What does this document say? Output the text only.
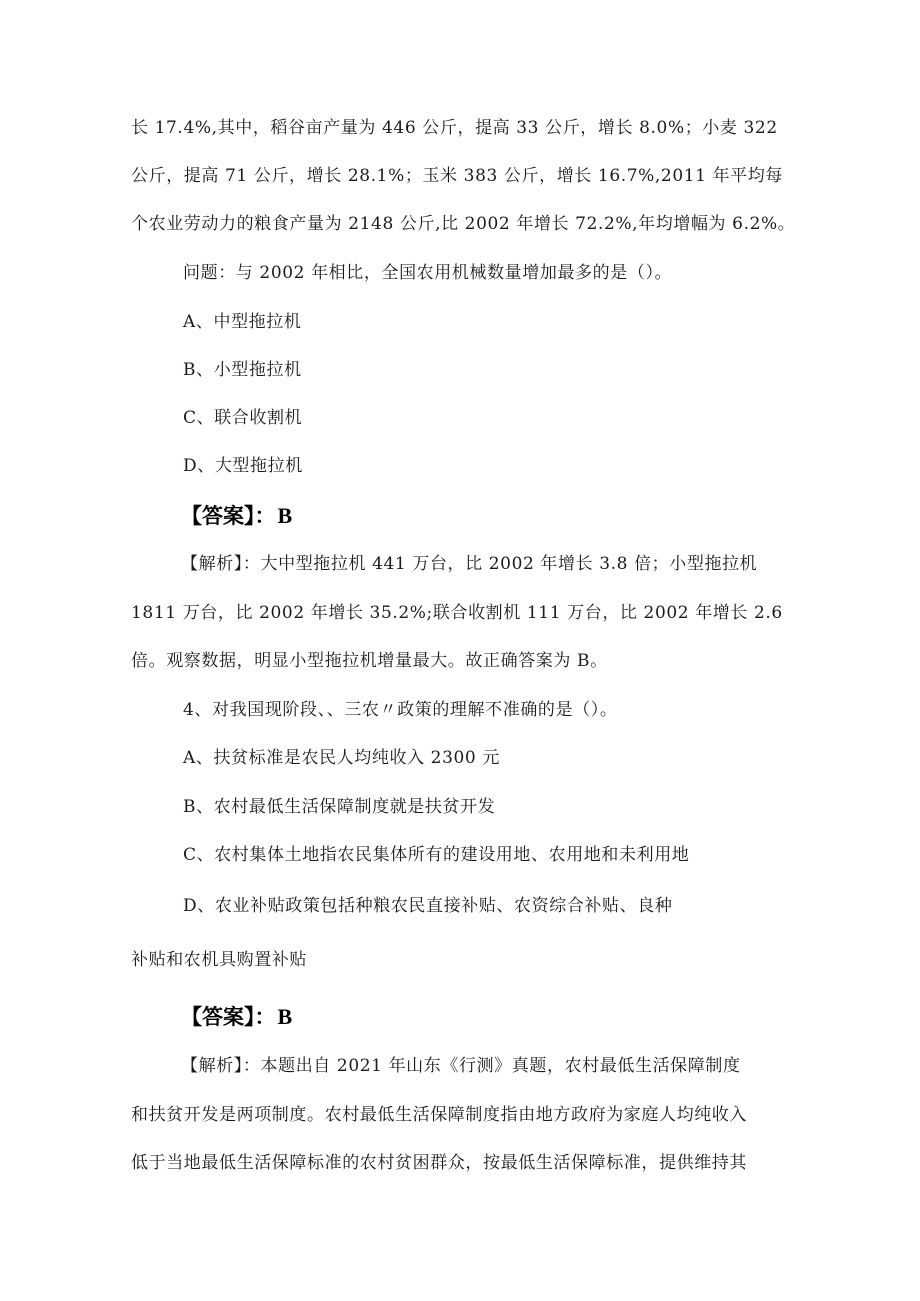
长 17.4%,其中，稻谷亩产量为 446 公斤，提高 33 公斤，增长 8.0%；小麦 322
公斤，提高 71 公斤，增长 28.1%；玉米 383 公斤，增长 16.7%,2011 年平均每
个农业劳动力的粮食产量为 2148 公斤,比 2002 年增长 72.2%,年均增幅为 6.2%。
问题：与 2002 年相比，全国农用机械数量增加最多的是（）。
A、中型拖拉机
B、小型拖拉机
C、联合收割机
D、大型拖拉机
【答案】：B
【解析】：大中型拖拉机 441 万台，比 2002 年增长 3.8 倍；小型拖拉机
1811 万台，比 2002 年增长 35.2%;联合收割机 111 万台，比 2002 年增长 2.6
倍。观察数据，明显小型拖拉机增量最大。故正确答案为 B。
4、对我国现阶段、、三农〃政策的理解不准确的是（）。
A、扶贫标准是农民人均纯收入 2300 元
B、农村最低生活保障制度就是扶贫开发
C、农村集体土地指农民集体所有的建设用地、农用地和未利用地
D、农业补贴政策包括种粮农民直接补贴、农资综合补贴、良种
补贴和农机具购置补贴
【答案】：B
【解析】：本题出自 2021 年山东《行测》真题，农村最低生活保障制度
和扶贫开发是两项制度。农村最低生活保障制度指由地方政府为家庭人均纯收入
低于当地最低生活保障标准的农村贫困群众，按最低生活保障标准，提供维持其
